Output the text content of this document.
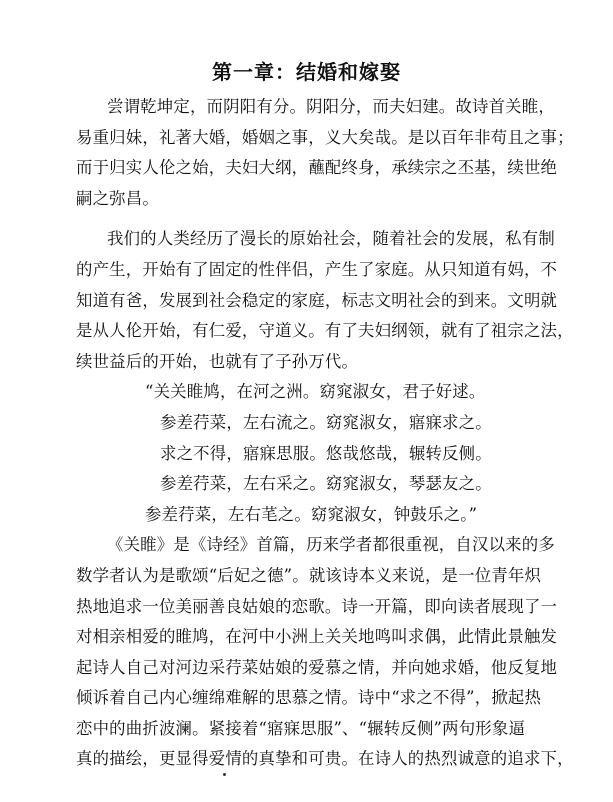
第一章：结婚和嫁娶
尝谓乾坤定，而阴阳有分。阴阳分，而夫妇建。故诗首关睢，
易重归妹，礼著大婚，婚姻之事，义大矣哉。是以百年非苟且之事；
而于归实人伦之始，夫妇大纲，蘸配终身，承续宗之丕基，续世绝
嗣之弥昌。
我们的人类经历了漫长的原始社会，随着社会的发展，私有制
的产生，开始有了固定的性伴侣，产生了家庭。从只知道有妈，不
知道有爸，发展到社会稳定的家庭，标志文明社会的到来。文明就
是从人伦开始，有仁爱，守道义。有了夫妇纲领，就有了祖宗之法，
续世益后的开始，也就有了子孙万代。
“关关睢鸠，在河之洲。窈窕淑女，君子好逑。
参差荇菜，左右流之。窈窕淑女，寤寐求之。
求之不得，寤寐思服。悠哉悠哉，辗转反侧。
参差荇菜，左右采之。窈窕淑女，琴瑟友之。
参差荇菜，左右芼之。窈窕淑女，钟鼓乐之。”
《关睢》是《诗经》首篇，历来学者都很重视，自汉以来的多
数学者认为是歌颂“后妃之德”。就该诗本义来说，是一位青年炽
热地追求一位美丽善良姑娘的恋歌。诗一开篇，即向读者展现了一
对相亲相爱的睢鸠，在河中小洲上关关地鸣叫求偶，此情此景触发
起诗人自己对河边采荇菜姑娘的爱慕之情，并向她求婚，他反复地
倾诉着自己内心缠绵难解的思慕之情。诗中“求之不得”，掀起热
恋中的曲折波澜。紧接着“寤寐思服”、“辗转反侧”两句形象逼
真的描绘，更显得爱情的真挚和可贵。在诗人的热烈诚意的追求下，
